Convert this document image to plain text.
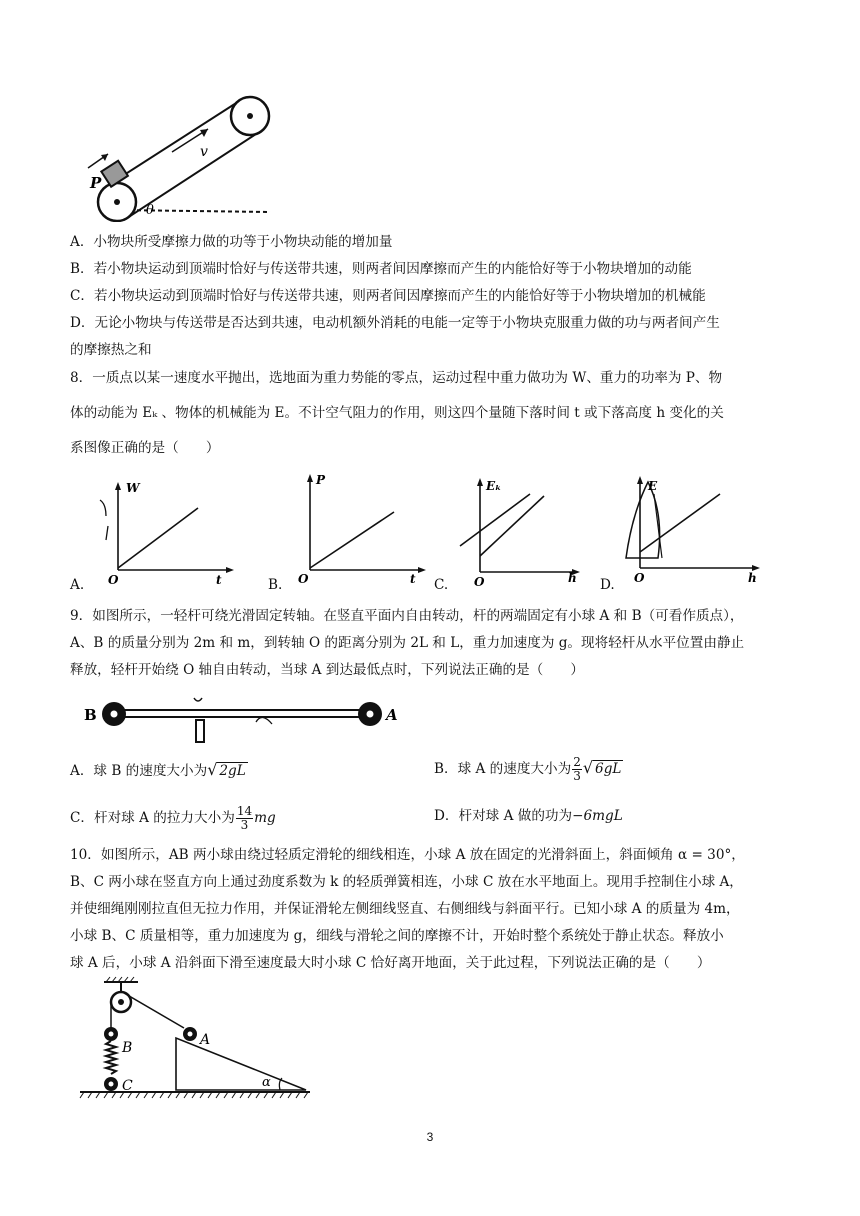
P
v
θ
A．小物块所受摩擦力做的功等于小物块动能的增加量
B．若小物块运动到顶端时恰好与传送带共速，则两者间因摩擦而产生的内能恰好等于小物块增加的动能
C．若小物块运动到顶端时恰好与传送带共速，则两者间因摩擦而产生的内能恰好等于小物块增加的机械能
D．无论小物块与传送带是否达到共速，电动机额外消耗的电能一定等于小物块克服重力做的功与两者间产生
的摩擦热之和
8．一质点以某一速度水平抛出，选地面为重力势能的零点，运动过程中重力做功为 W、重力的功率为 P、物
体的动能为 Eₖ 、物体的机械能为 E。不计空气阻力的作用，则这四个量随下落时间 t 或下落高度 h 变化的关
系图像正确的是（　　）
W
t
O
A.
P
t
O
B.
Eₖ
h
O
C.
E
h
O
D.
9．如图所示，一轻杆可绕光滑固定转轴。在竖直平面内自由转动，杆的两端固定有小球 A 和 B（可看作质点），
A、B 的质量分别为 2m 和 m，到转轴 O 的距离分别为 2L 和 L，重力加速度为 g。现将轻杆从水平位置由静止
释放，轻杆开始绕 O 轴自由转动，当球 A 到达最低点时，下列说法正确的是（　　）
B	A
A．球 B 的速度大小为√ 2gL	B．球 A 的速度大小为 $\frac{2}{3}$ √ 6gL
C．杆对球 A 的拉力大小为 $\frac{14}{3}$ mg	D．杆对球 A 做的功为−6mgL
10．如图所示，AB 两小球由绕过轻质定滑轮的细线相连，小球 A 放在固定的光滑斜面上，斜面倾角 α = 30°，
B、C 两小球在竖直方向上通过劲度系数为 k 的轻质弹簧相连，小球 C 放在水平地面上。现用手控制住小球 A，
并使细绳刚刚拉直但无拉力作用，并保证滑轮左侧细线竖直、右侧细线与斜面平行。已知小球 A 的质量为 4m，
小球 B、C 质量相等，重力加速度为 g，细线与滑轮之间的摩擦不计，开始时整个系统处于静止状态。释放小
球 A 后，小球 A 沿斜面下滑至速度最大时小球 C 恰好离开地面，关于此过程，下列说法正确的是（　　）
A
B
C	α
3
